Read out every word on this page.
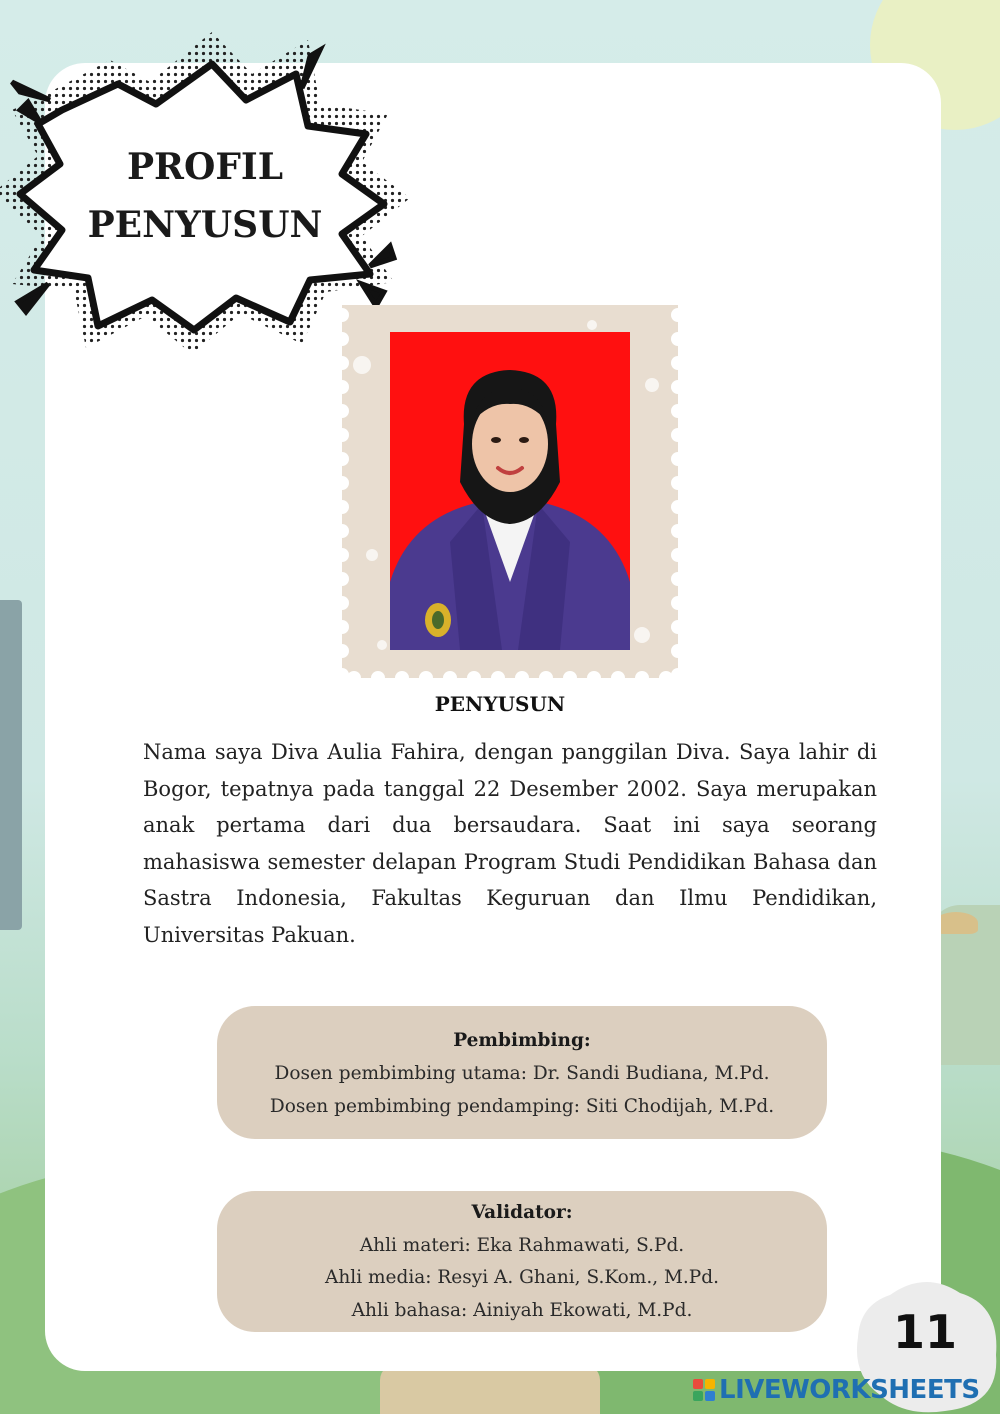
PROFIL
PENYUSUN
PENYUSUN

Nama saya Diva Aulia Fahira, dengan panggilan Diva. Saya lahir di Bogor, tepatnya pada tanggal 22 Desember 2002. Saya merupakan anak pertama dari dua bersaudara. Saat ini saya seorang mahasiswa semester delapan Program Studi Pendidikan Bahasa dan Sastra Indonesia, Fakultas Keguruan dan Ilmu Pendidikan, Universitas Pakuan.

Pembimbing:
Dosen pembimbing utama: Dr. Sandi Budiana, M.Pd.
Dosen pembimbing pendamping: Siti Chodijah, M.Pd.
Validator:
Ahli materi: Eka Rahmawati, S.Pd.
Ahli media: Resyi A. Ghani, S.Kom., M.Pd.
Ahli bahasa: Ainiyah Ekowati, M.Pd.	11
LIVEWORKSHEETS
